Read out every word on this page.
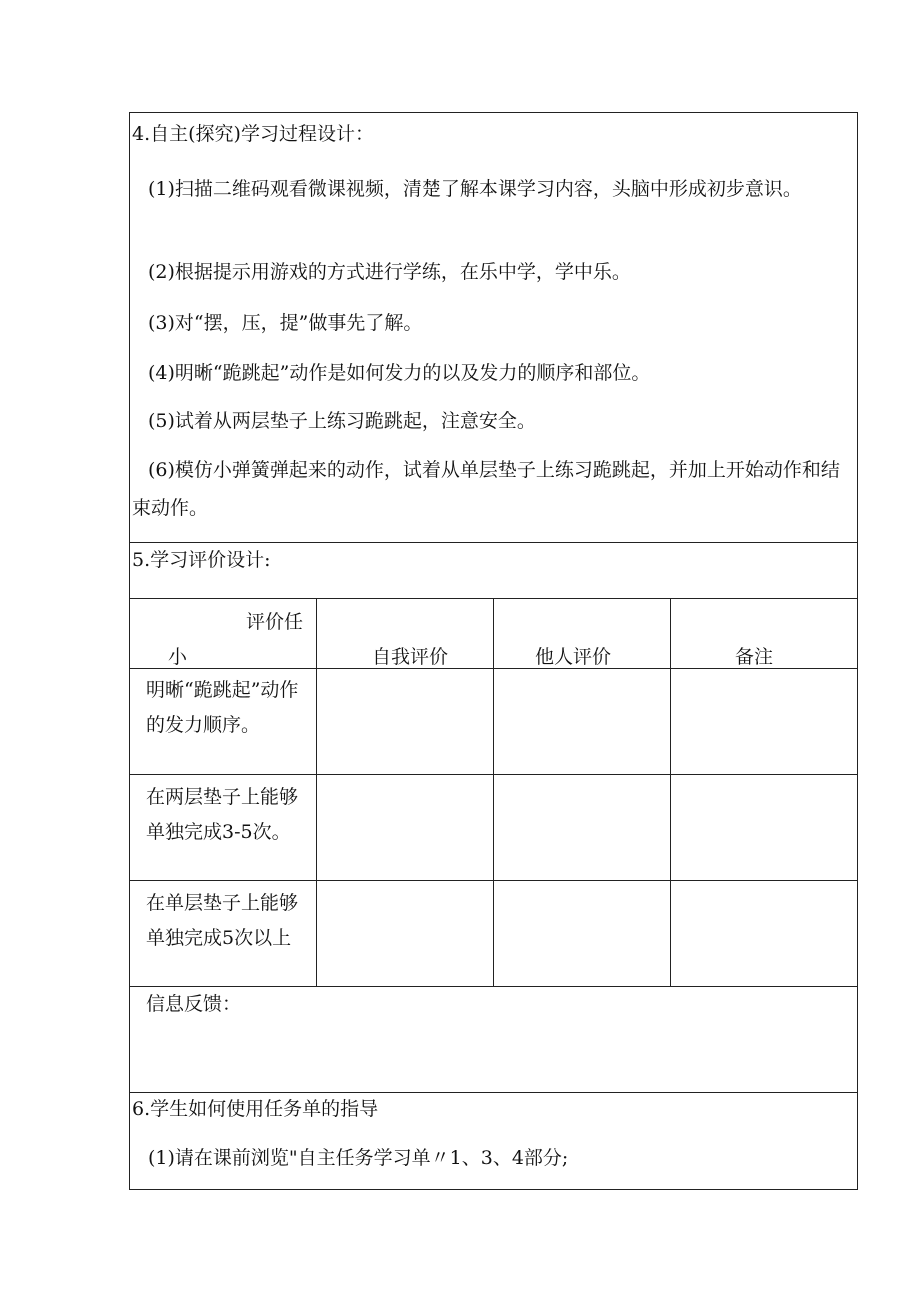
4.自主(探究)学习过程设计：
(1)扫描二维码观看微课视频，清楚了解本课学习内容，头脑中形成初步意识。
(2)根据提示用游戏的方式进行学练，在乐中学，学中乐。
(3)对“摆，压，提”做事先了解。
(4)明晰“跪跳起”动作是如何发力的以及发力的顺序和部位。
(5)试着从两层垫子上练习跪跳起，注意安全。
(6)模仿小弹簧弹起来的动作，试着从单层垫子上练习跪跳起，并加上开始动作和结束动作。
5.学习评价设计:
评价任
小	自我评价	他人评价	备注
明晰“跪跳起”动作的发力顺序。
在两层垫子上能够单独完成3-5次。
在单层垫子上能够单独完成5次以上
信息反馈：
6.学生如何使用任务单的指导
(1)请在课前浏览"自主任务学习单〃1、3、4部分;
